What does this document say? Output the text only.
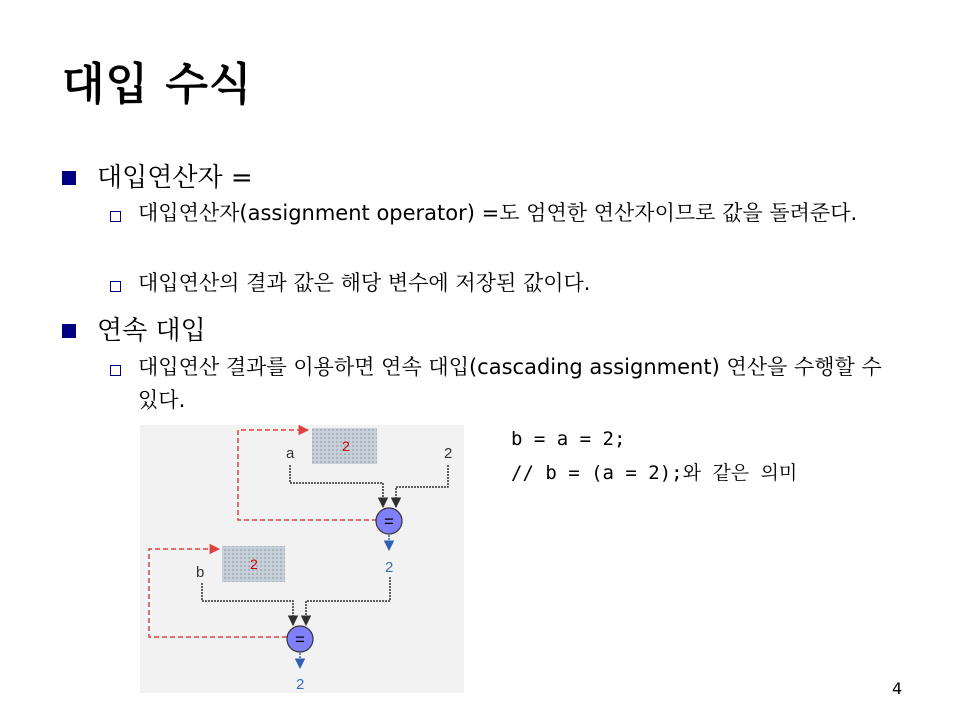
대입 수식
대입연산자 =
대입연산자(assignment operator) =도 엄연한 연산자이므로 값을 돌려준다.
대입연산의 결과 값은 해당 변수에 저장된 값이다.
연속 대입
대입연산 결과를 이용하면 연속 대입(cascading assignment) 연산을 수행할 수 있다.
b = a = 2;
// b = (a = 2);와 같은 의미
2
a	2
=
2
2
b
=
2	4
